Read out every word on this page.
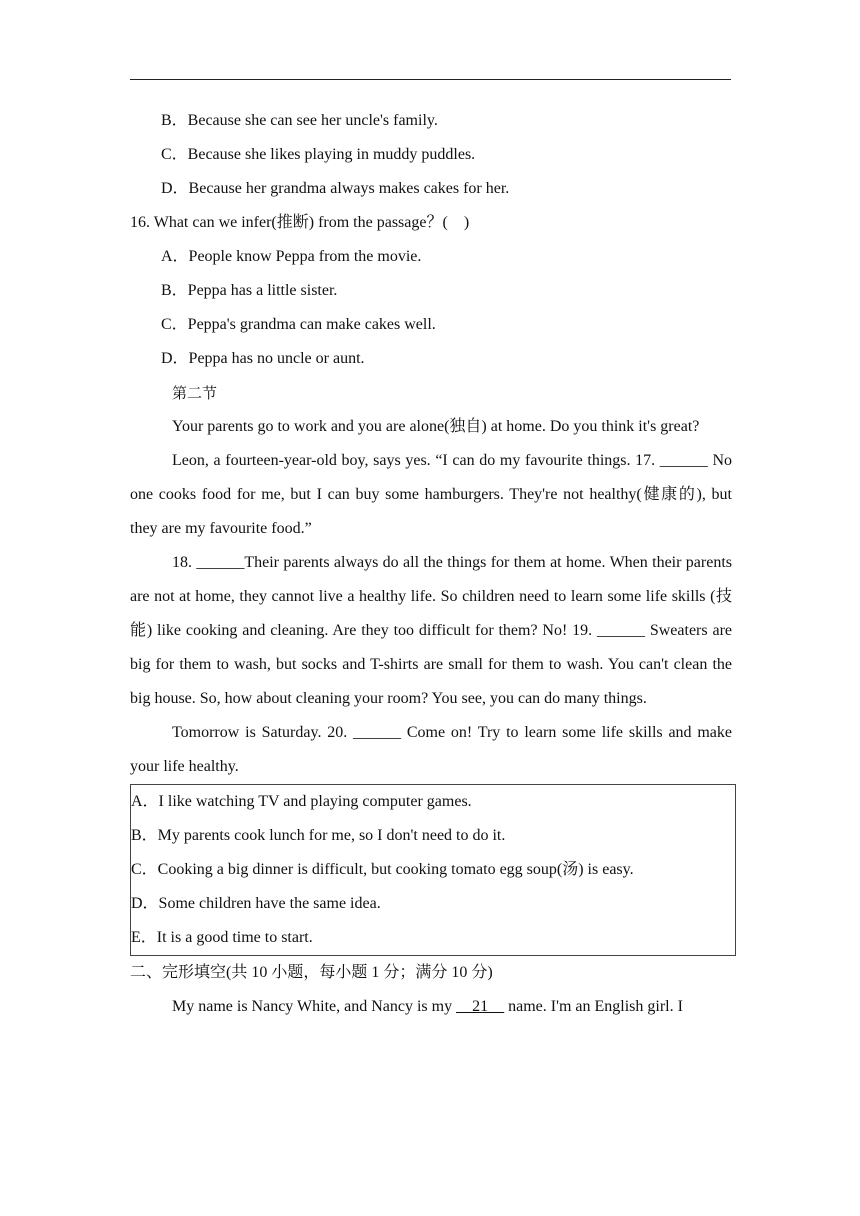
B．Because she can see her uncle's family.
C．Because she likes playing in muddy puddles.
D．Because her grandma always makes cakes for her.
16. What can we infer(推断) from the passage？(　)
A．People know Peppa from the movie.
B．Peppa has a little sister.
C．Peppa's grandma can make cakes well.
D．Peppa has no uncle or aunt.
第二节
Your parents go to work and you are alone(独自) at home. Do you think it's great?
Leon, a fourteen-year-old boy, says yes. “I can do my favourite things. 17. ______ No one cooks food for me, but I can buy some hamburgers. They're not healthy(健康的), but they are my favourite food.”
18. ______Their parents always do all the things for them at home. When their parents are not at home, they cannot live a healthy life. So children need to learn some life skills (技能) like cooking and cleaning. Are they too difficult for them? No! 19. ______ Sweaters are big for them to wash, but socks and T-shirts are small for them to wash. You can't clean the big house. So, how about cleaning your room? You see, you can do many things.
Tomorrow is Saturday. 20. ______ Come on! Try to learn some life skills and make your life healthy.
A．I like watching TV and playing computer games.
B．My parents cook lunch for me, so I don't need to do it.
C．Cooking a big dinner is difficult, but cooking tomato egg soup(汤) is easy.
D．Some children have the same idea.
E．It is a good time to start.
二、完形填空(共 10 小题，每小题 1 分；满分 10 分)
My name is Nancy White, and Nancy is my __21__ name. I'm an English girl. I
